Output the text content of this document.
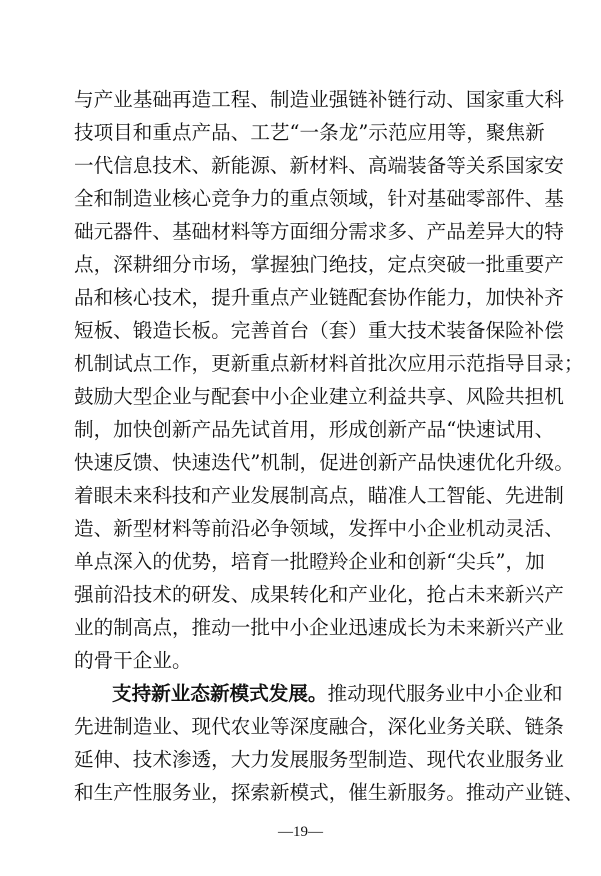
与产业基础再造工程、制造业强链补链行动、国家重大科
技项目和重点产品、工艺“一条龙”示范应用等，聚焦新
一代信息技术、新能源、新材料、高端装备等关系国家安
全和制造业核心竞争力的重点领域，针对基础零部件、基
础元器件、基础材料等方面细分需求多、产品差异大的特
点，深耕细分市场，掌握独门绝技，定点突破一批重要产
品和核心技术，提升重点产业链配套协作能力，加快补齐
短板、锻造长板。完善首台（套）重大技术装备保险补偿
机制试点工作，更新重点新材料首批次应用示范指导目录；
鼓励大型企业与配套中小企业建立利益共享、风险共担机
制，加快创新产品先试首用，形成创新产品“快速试用、
快速反馈、快速迭代”机制，促进创新产品快速优化升级。
着眼未来科技和产业发展制高点，瞄准人工智能、先进制
造、新型材料等前沿必争领域，发挥中小企业机动灵活、
单点深入的优势，培育一批瞪羚企业和创新“尖兵”，加
强前沿技术的研发、成果转化和产业化，抢占未来新兴产
业的制高点，推动一批中小企业迅速成长为未来新兴产业
的骨干企业。
支持新业态新模式发展。推动现代服务业中小企业和
先进制造业、现代农业等深度融合，深化业务关联、链条
延伸、技术渗透，大力发展服务型制造、现代农业服务业
和生产性服务业，探索新模式，催生新服务。推动产业链、
—19—
